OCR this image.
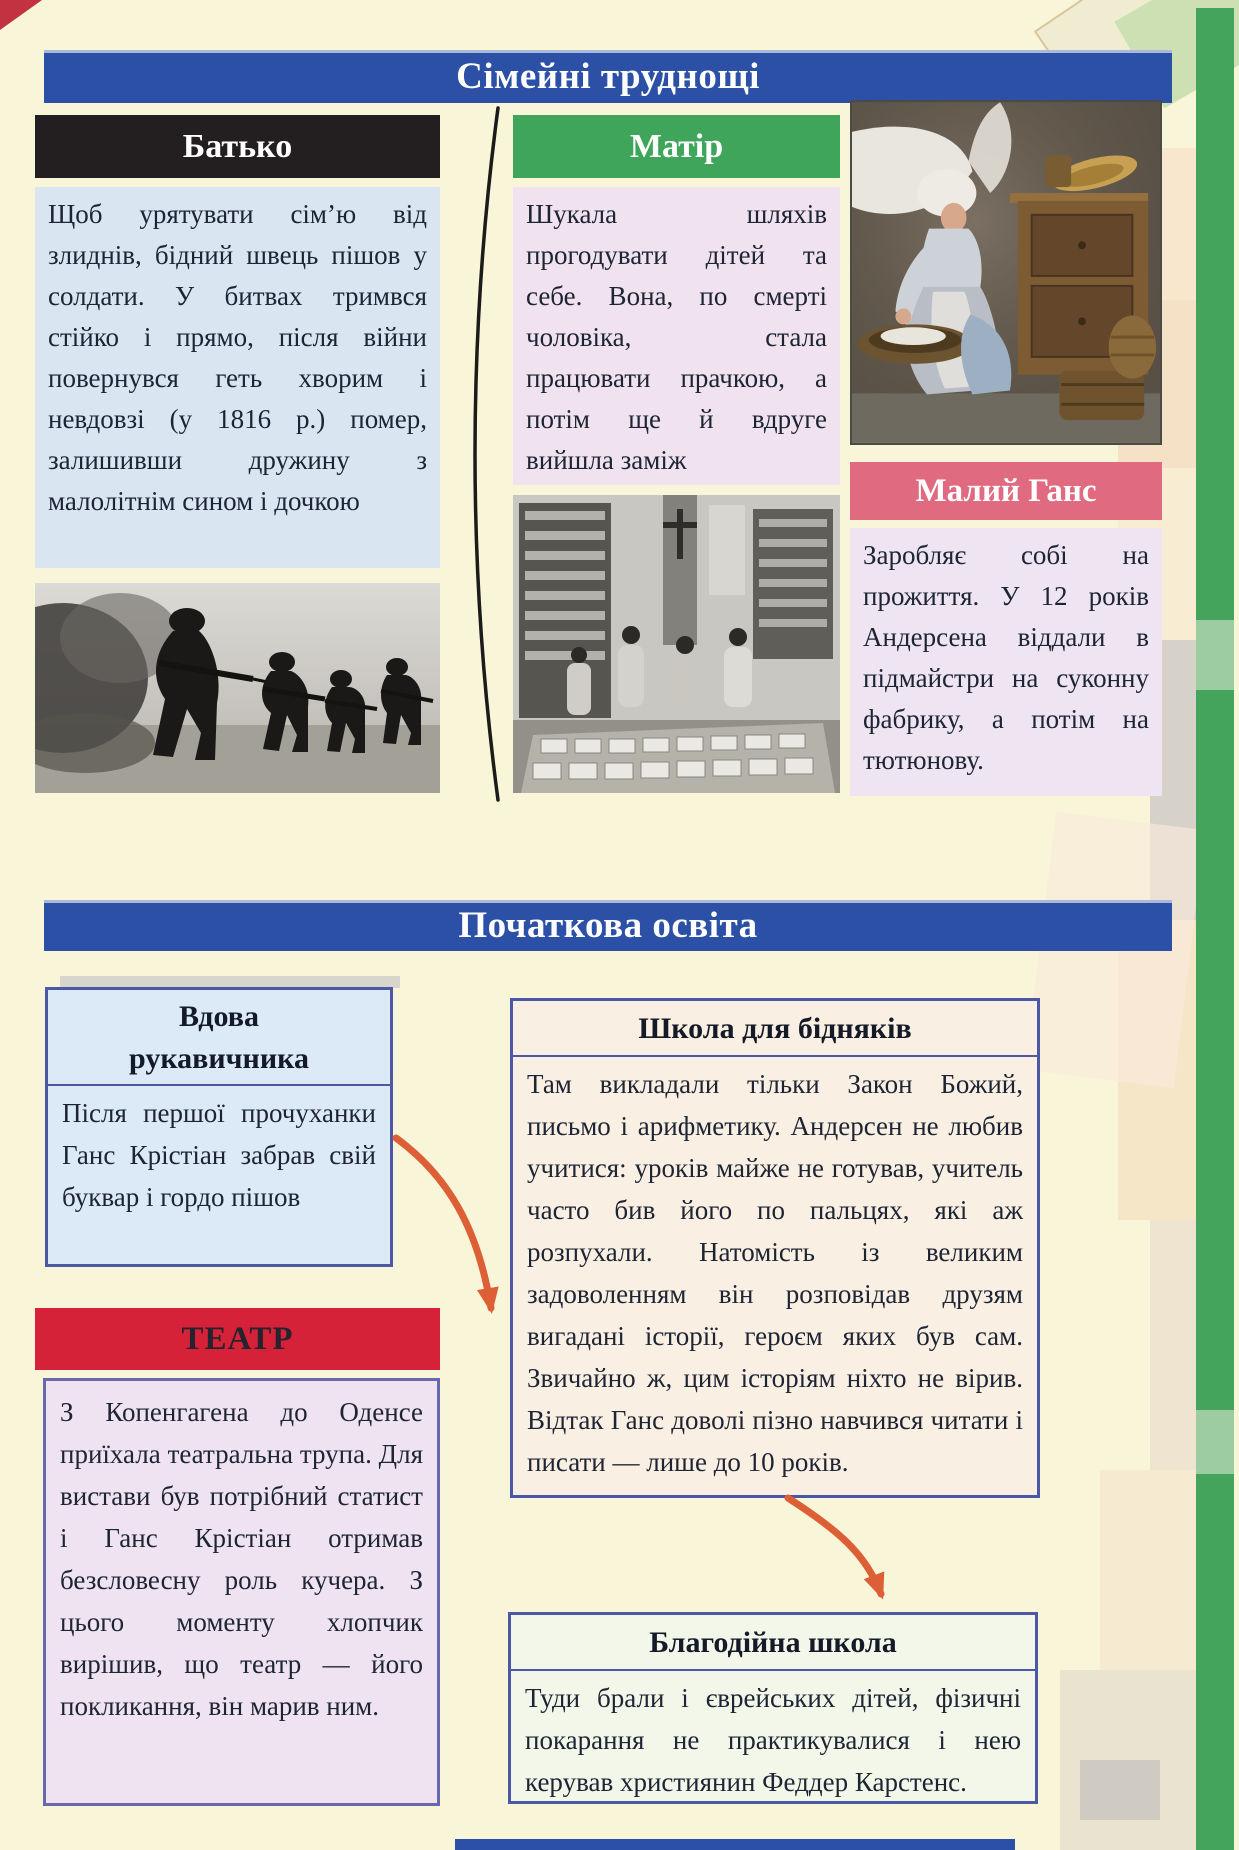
Сімейні труднощі
Батько
Щоб урятувати сім’ю від злиднів, бідний швець пішов у солдати. У битвах тримвся стійко і прямо, після війни повернувся геть хворим і невдовзі (у 1816 р.) помер, залишивши дружину з малолітнім сином і дочкою
Матір
Шукала шляхів прогодувати дітей та себе. Вона, по смерті чоловіка, стала працювати прачкою, а потім ще й вдруге вийшла заміж
Малий Ганс
Заробляє собі на прожиття. У 12 років Андерсена віддали в підмайстри на суконну фабрику, а потім на тютюнову.
Початкова освіта
Вдова рукавичника
Після першої прочуханки Ганс Крістіан забрав свій буквар і гордо пішов
ТЕАТР
З Копенгагена до Оденсе приїхала театральна трупа. Для вистави був потрібний статист і Ганс Крістіан отримав безсловесну роль кучера. З цього моменту хлопчик вирішив, що театр — його покликання, він марив ним.
Школа для бідняків
Там викладали тільки Закон Божий, письмо і арифметику. Андерсен не любив учитися: уроків майже не готував, учитель часто бив його по пальцях, які аж розпухали. Натомість із великим задоволенням він розповідав друзям вигадані історії, героєм яких був сам. Звичайно ж, цим історіям ніхто не вірив. Відтак Ганс доволі пізно навчився читати і писати — лише до 10 років.
Благодійна школа
Туди брали і єврейських дітей, фізичні покарання не практикувалися і нею керував християнин Феддер Карстенс.
